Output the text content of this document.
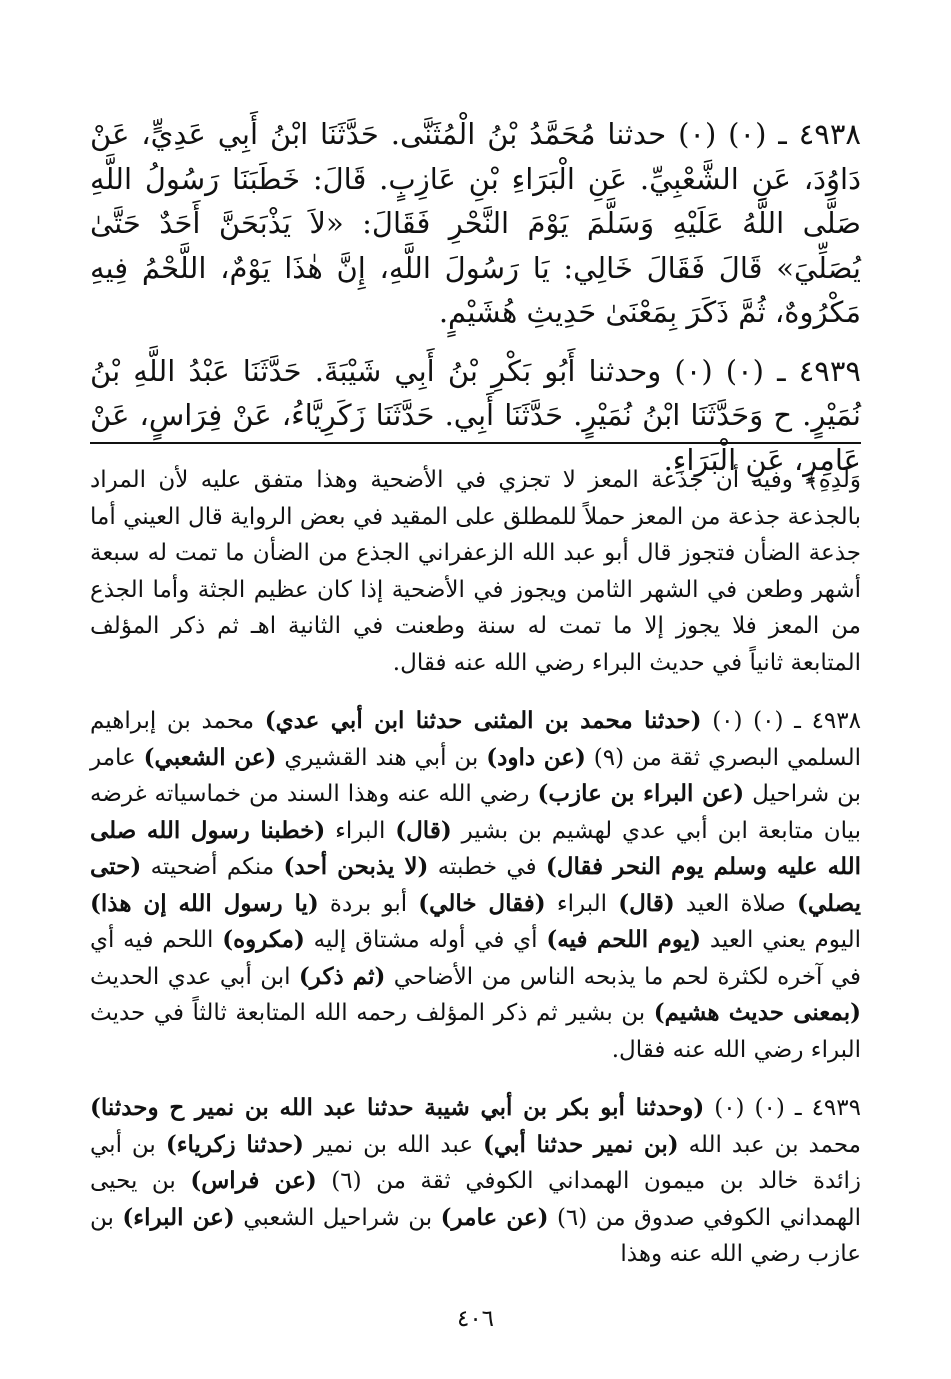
٤٩٣٨ ـ (٠) (٠) حدثنا مُحَمَّدُ بْنُ الْمُثَنَّى. حَدَّثَنَا ابْنُ أَبِي عَدِيٍّ، عَنْ دَاوُدَ، عَنِ الشَّعْبِيِّ. عَنِ الْبَرَاءِ بْنِ عَازِبٍ. قَالَ: خَطَبَنَا رَسُولُ اللَّهِ صَلَّى اللَّهُ عَلَيْهِ وَسَلَّمَ يَوْمَ النَّحْرِ فَقَالَ: «لاَ يَذْبَحَنَّ أَحَدٌ حَتَّىٰ يُصَلِّيَ» قَالَ فَقَالَ خَالِي: يَا رَسُولَ اللَّهِ، إِنَّ هٰذَا يَوْمٌ، اللَّحْمُ فِيهِ مَكْرُوهٌ، ثُمَّ ذَكَرَ بِمَعْنَىٰ حَدِيثِ هُشَيْمٍ.

٤٩٣٩ ـ (٠) (٠) وحدثنا أَبُو بَكْرِ بْنُ أَبِي شَيْبَةَ. حَدَّثَنَا عَبْدُ اللَّهِ بْنُ نُمَيْرٍ. ح وَحَدَّثَنَا ابْنُ نُمَيْرٍ. حَدَّثَنَا أَبِي. حَدَّثَنَا زَكَرِيَّاءُ، عَنْ فِرَاسٍ، عَنْ عَامِرٍ، عَنِ الْبَرَاءِ.

وَلَدِهِ﴾ وفيه أن جذعة المعز لا تجزي في الأضحية وهذا متفق عليه لأن المراد بالجذعة جذعة من المعز حملاً للمطلق على المقيد في بعض الرواية قال العيني أما جذعة الضأن فتجوز قال أبو عبد الله الزعفراني الجذع من الضأن ما تمت له سبعة أشهر وطعن في الشهر الثامن ويجوز في الأضحية إذا كان عظيم الجثة وأما الجذع من المعز فلا يجوز إلا ما تمت له سنة وطعنت في الثانية اهـ ثم ذكر المؤلف المتابعة ثانياً في حديث البراء رضي الله عنه فقال.

٤٩٣٨ ـ (٠) (٠) (حدثنا محمد بن المثنى حدثنا ابن أبي عدي) محمد بن إبراهيم السلمي البصري ثقة من (٩) (عن داود) بن أبي هند القشيري (عن الشعبي) عامر بن شراحيل (عن البراء بن عازب) رضي الله عنه وهذا السند من خماسياته غرضه بيان متابعة ابن أبي عدي لهشيم بن بشير (قال) البراء (خطبنا رسول الله صلى الله عليه وسلم يوم النحر فقال) في خطبته (لا يذبحن أحد) منكم أضحيته (حتى يصلي) صلاة العيد (قال) البراء (فقال خالي) أبو بردة (يا رسول الله إن هذا) اليوم يعني العيد (يوم اللحم فيه) أي في أوله مشتاق إليه (مكروه) اللحم فيه أي في آخره لكثرة لحم ما يذبحه الناس من الأضاحي (ثم ذكر) ابن أبي عدي الحديث (بمعنى حديث هشيم) بن بشير ثم ذكر المؤلف رحمه الله المتابعة ثالثاً في حديث البراء رضي الله عنه فقال.

٤٩٣٩ ـ (٠) (٠) (وحدثنا أبو بكر بن أبي شيبة حدثنا عبد الله بن نمير ح وحدثنا) محمد بن عبد الله (بن نمير حدثنا أبي) عبد الله بن نمير (حدثنا زكرياء) بن أبي زائدة خالد بن ميمون الهمداني الكوفي ثقة من (٦) (عن فراس) بن يحيى الهمداني الكوفي صدوق من (٦) (عن عامر) بن شراحيل الشعبي (عن البراء) بن عازب رضي الله عنه وهذا

٤٠٦
